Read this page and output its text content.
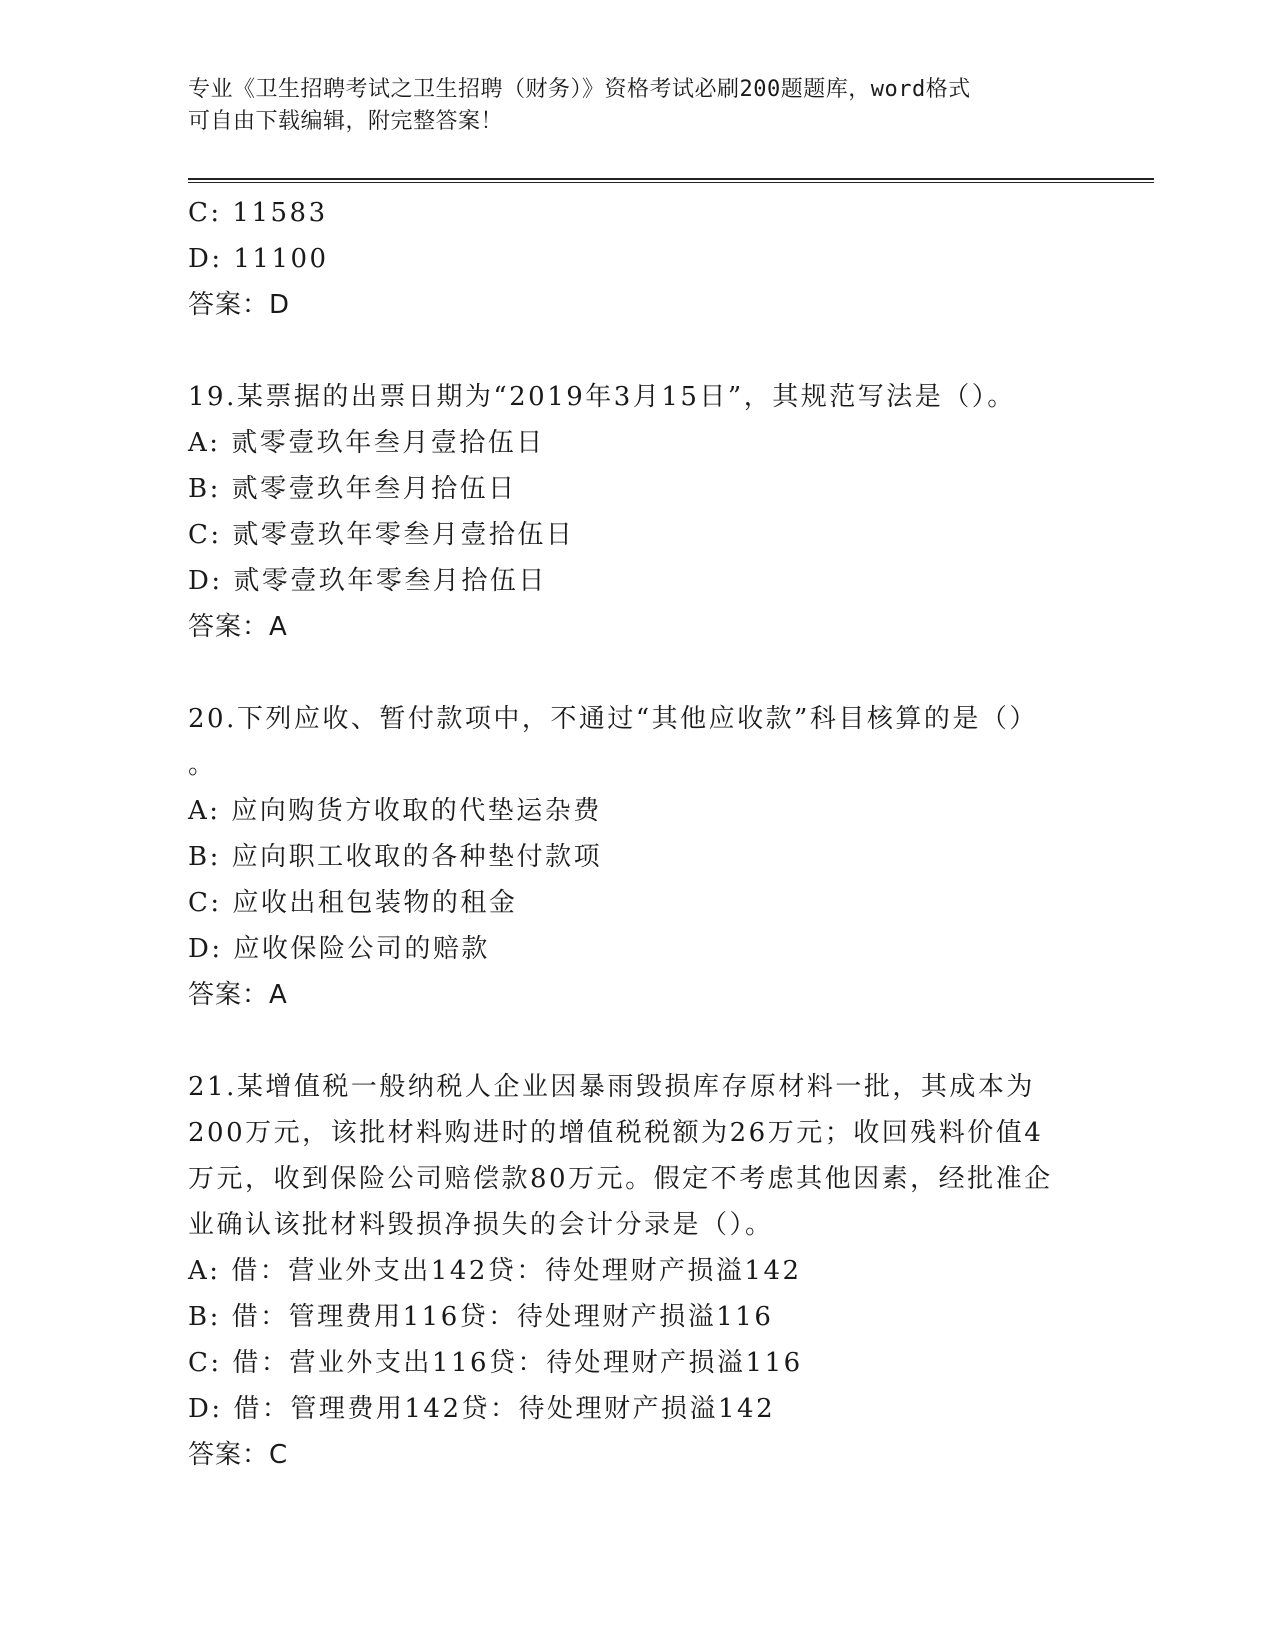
专业《卫生招聘考试之卫生招聘（财务）》资格考试必刷200题题库，word格式
可自由下载编辑，附完整答案！
C: 11583
D: 11100
答案：D
19.某票据的出票日期为“2019年3月15日”，其规范写法是（）。
A: 贰零壹玖年叁月壹拾伍日
B: 贰零壹玖年叁月拾伍日
C: 贰零壹玖年零叁月壹拾伍日
D: 贰零壹玖年零叁月拾伍日
答案：A
20.下列应收、暂付款项中，不通过“其他应收款”科目核算的是（）
。
A: 应向购货方收取的代垫运杂费
B: 应向职工收取的各种垫付款项
C: 应收出租包装物的租金
D: 应收保险公司的赔款
答案：A
21.某增值税一般纳税人企业因暴雨毁损库存原材料一批，其成本为
200万元，该批材料购进时的增值税税额为26万元；收回残料价值4
万元，收到保险公司赔偿款80万元。假定不考虑其他因素，经批准企
业确认该批材料毁损净损失的会计分录是（）。
A: 借：营业外支出142贷：待处理财产损溢142
B: 借：管理费用116贷：待处理财产损溢116
C: 借：营业外支出116贷：待处理财产损溢116
D: 借：管理费用142贷：待处理财产损溢142
答案：C
